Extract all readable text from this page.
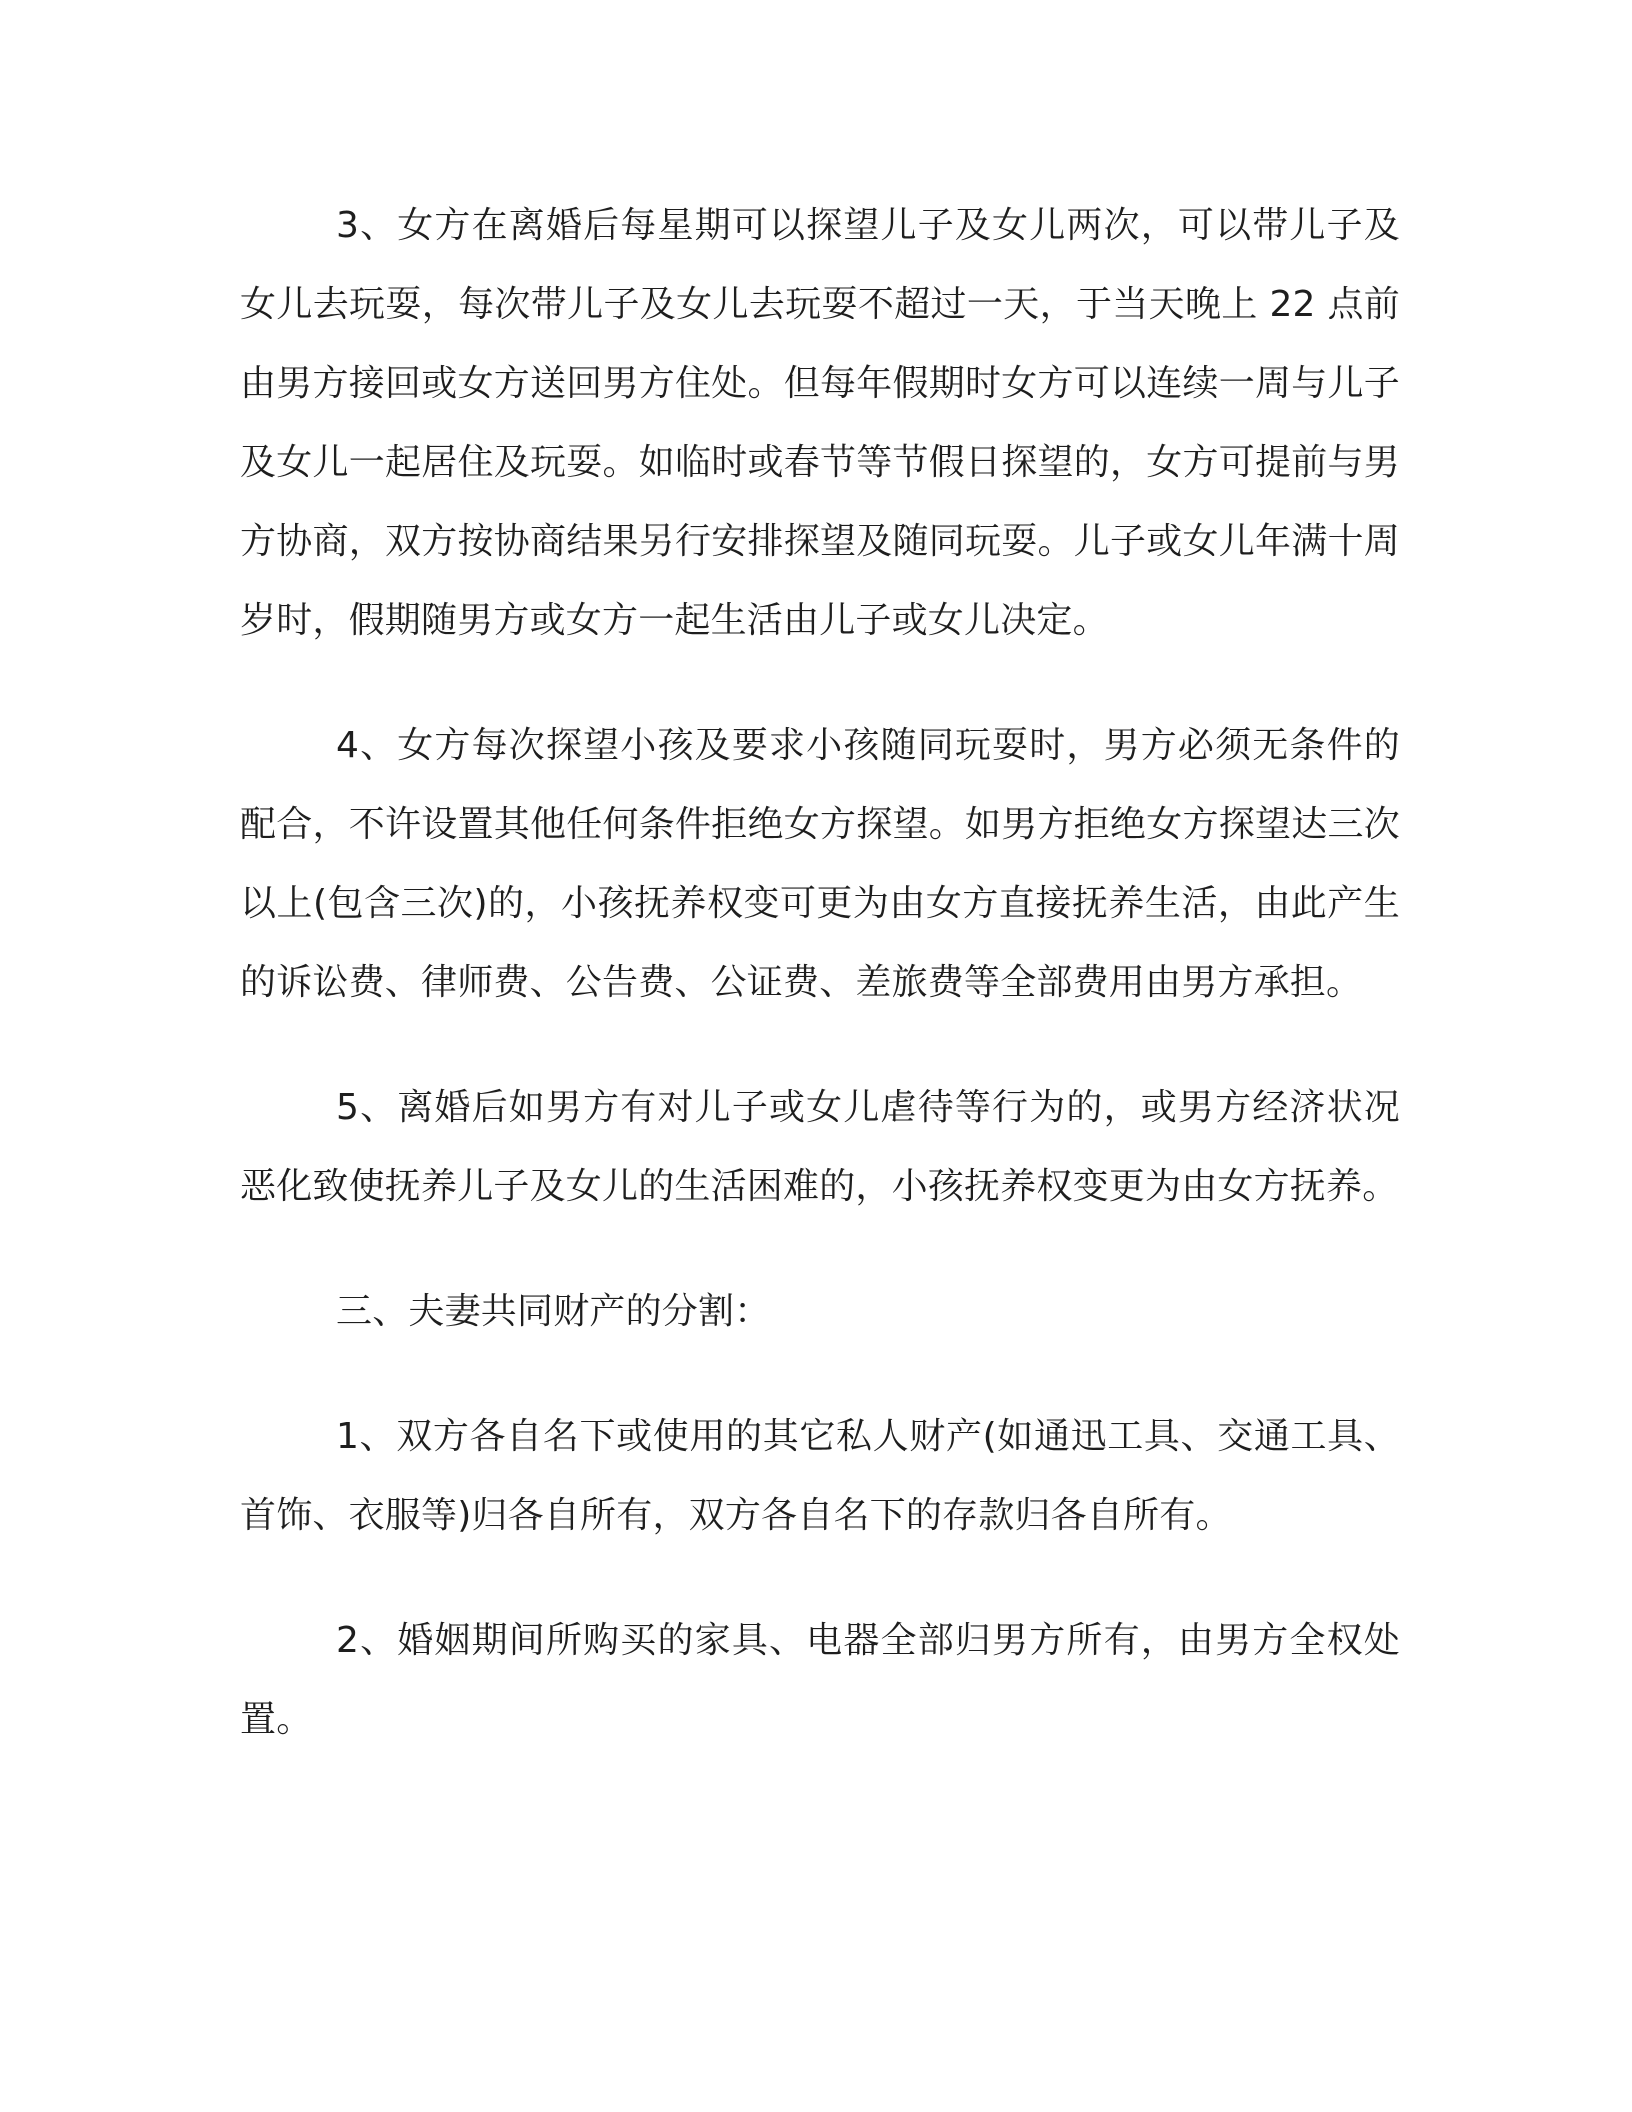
3、女方在离婚后每星期可以探望儿子及女儿两次，可以带儿子及女儿去玩耍，每次带儿子及女儿去玩耍不超过一天，于当天晚上 22 点前由男方接回或女方送回男方住处。但每年假期时女方可以连续一周与儿子及女儿一起居住及玩耍。如临时或春节等节假日探望的，女方可提前与男方协商，双方按协商结果另行安排探望及随同玩耍。儿子或女儿年满十周岁时，假期随男方或女方一起生活由儿子或女儿决定。

4、女方每次探望小孩及要求小孩随同玩耍时，男方必须无条件的配合，不许设置其他任何条件拒绝女方探望。如男方拒绝女方探望达三次以上(包含三次)的，小孩抚养权变可更为由女方直接抚养生活，由此产生的诉讼费、律师费、公告费、公证费、差旅费等全部费用由男方承担。

5、离婚后如男方有对儿子或女儿虐待等行为的，或男方经济状况恶化致使抚养儿子及女儿的生活困难的，小孩抚养权变更为由女方抚养。

三、夫妻共同财产的分割：

1、双方各自名下或使用的其它私人财产(如通迅工具、交通工具、首饰、衣服等)归各自所有，双方各自名下的存款归各自所有。

2、婚姻期间所购买的家具、电器全部归男方所有，由男方全权处置。
